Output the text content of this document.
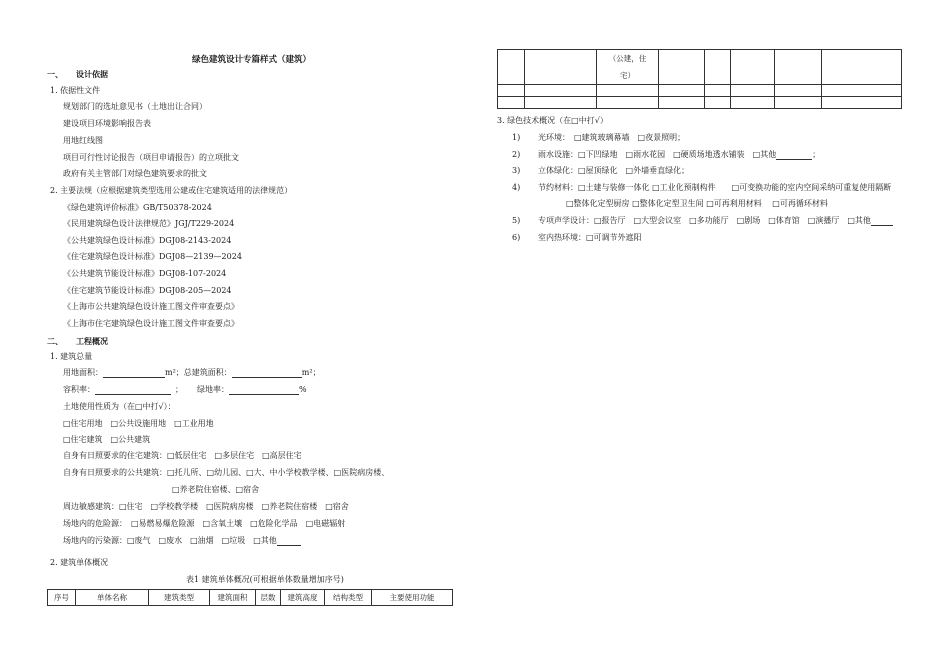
绿色建筑设计专篇样式（建筑）
一、 设计依据
1. 依据性文件
规划部门的选址意见书（土地出让合同）
建设项目环境影响报告表
用地红线图
项目可行性讨论报告（项目申请报告）的立项批文
政府有关主管部门对绿色建筑要求的批文
2. 主要法规（应根据建筑类型选用公建或住宅建筑适用的法律规范）
《绿色建筑评价标准》GB/T50378-2024
《民用建筑绿色设计法律规范》JGJ/T229-2024
《公共建筑绿色设计标准》DGJ08-2143-2024
《住宅建筑绿色设计标准》DGJ08—2139—2024
《公共建筑节能设计标准》DGJ08-107-2024
《住宅建筑节能设计标准》DGJ08-205—2024
《上海市公共建筑绿色设计施工图文件审查要点》
《上海市住宅建筑绿色设计施工图文件审查要点》
二、 工程概况
1. 建筑总量
用地面积：	m²；总建筑面积：	m²；
容积率：	； 绿地率：	%
土地使用性质为（在□中打√）：
□住宅用地　□公共设施用地　□工业用地
□住宅建筑　□公共建筑
自身有日照要求的住宅建筑：□低层住宅　□多层住宅　□高层住宅
自身有日照要求的公共建筑：□托儿所、□幼儿园、□大、中小学校教学楼、□医院病房楼、
□养老院住宿楼、□宿舍
周边敏感建筑：□住宅　□学校教学楼　□医院病房楼　□养老院住宿楼　□宿舍
场地内的危险源：　□易燃易爆危险源　□含氧土壤　□危险化学品　□电磁辐射
场地内的污染源：□废气　□废水　□油烟　□垃圾　□其他
2. 建筑单体概况
表1 建筑单体概况(可根据单体数量增加序号)
序号	单体名称	建筑类型	建筑面积	层数	建筑高度	结构类型	主要使用功能

		（公建，住
宅）					

3. 绿色技术概况（在□中打√）
1) 光环境：　□建筑玻璃幕墙　□夜景照明；
2) 雨水设施：□下凹绿地　□雨水花园　□硬质场地透水铺装　□其他	；
3) 立体绿化：□屋顶绿化　□外墙垂直绿化；
4) 节约材料：□土建与装修一体化 □工业化预制构件　　□可变换功能的室内空间采纳可重复使用隔断
□整体化定型厨房 □整体化定型卫生间 □可再利用材料　 □可再循环材料
5) 专项声学设计：□报告厅　□大型会议室　□多功能厅　□剧场　□体育馆　□演播厅　□其他
6) 室内热环境：□可调节外遮阳
